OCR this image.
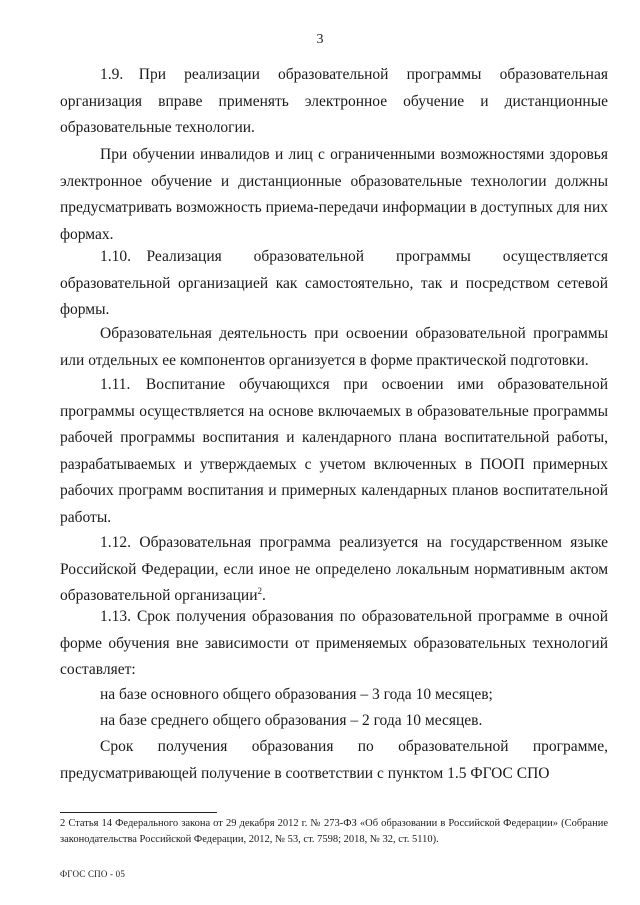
3

1.9. При реализации образовательной программы образовательная организация вправе применять электронное обучение и дистанционные образовательные технологии.

При обучении инвалидов и лиц с ограниченными возможностями здоровья электронное обучение и дистанционные образовательные технологии должны предусматривать возможность приема-передачи информации в доступных для них формах.

1.10. Реализация образовательной программы осуществляется образовательной организацией как самостоятельно, так и посредством сетевой формы.

Образовательная деятельность при освоении образовательной программы или отдельных ее компонентов организуется в форме практической подготовки.

1.11. Воспитание обучающихся при освоении ими образовательной программы осуществляется на основе включаемых в образовательные программы рабочей программы воспитания и календарного плана воспитательной работы, разрабатываемых и утверждаемых с учетом включенных в ПООП примерных рабочих программ воспитания и примерных календарных планов воспитательной работы.

1.12. Образовательная программа реализуется на государственном языке Российской Федерации, если иное не определено локальным нормативным актом образовательной организации$^2$.

1.13. Срок получения образования по образовательной программе в очной форме обучения вне зависимости от применяемых образовательных технологий составляет:

на базе основного общего образования – 3 года 10 месяцев;
на базе среднего общего образования – 2 года 10 месяцев.

Срок получения образования по образовательной программе, предусматривающей получение в соответствии с пунктом 1.5 ФГОС СПО

2 Статья 14 Федерального закона от 29 декабря 2012 г. № 273-ФЗ «Об образовании в Российской Федерации» (Собрание законодательства Российской Федерации, 2012, № 53, ст. 7598; 2018, № 32, ст. 5110).

ФГОС СПО - 05
